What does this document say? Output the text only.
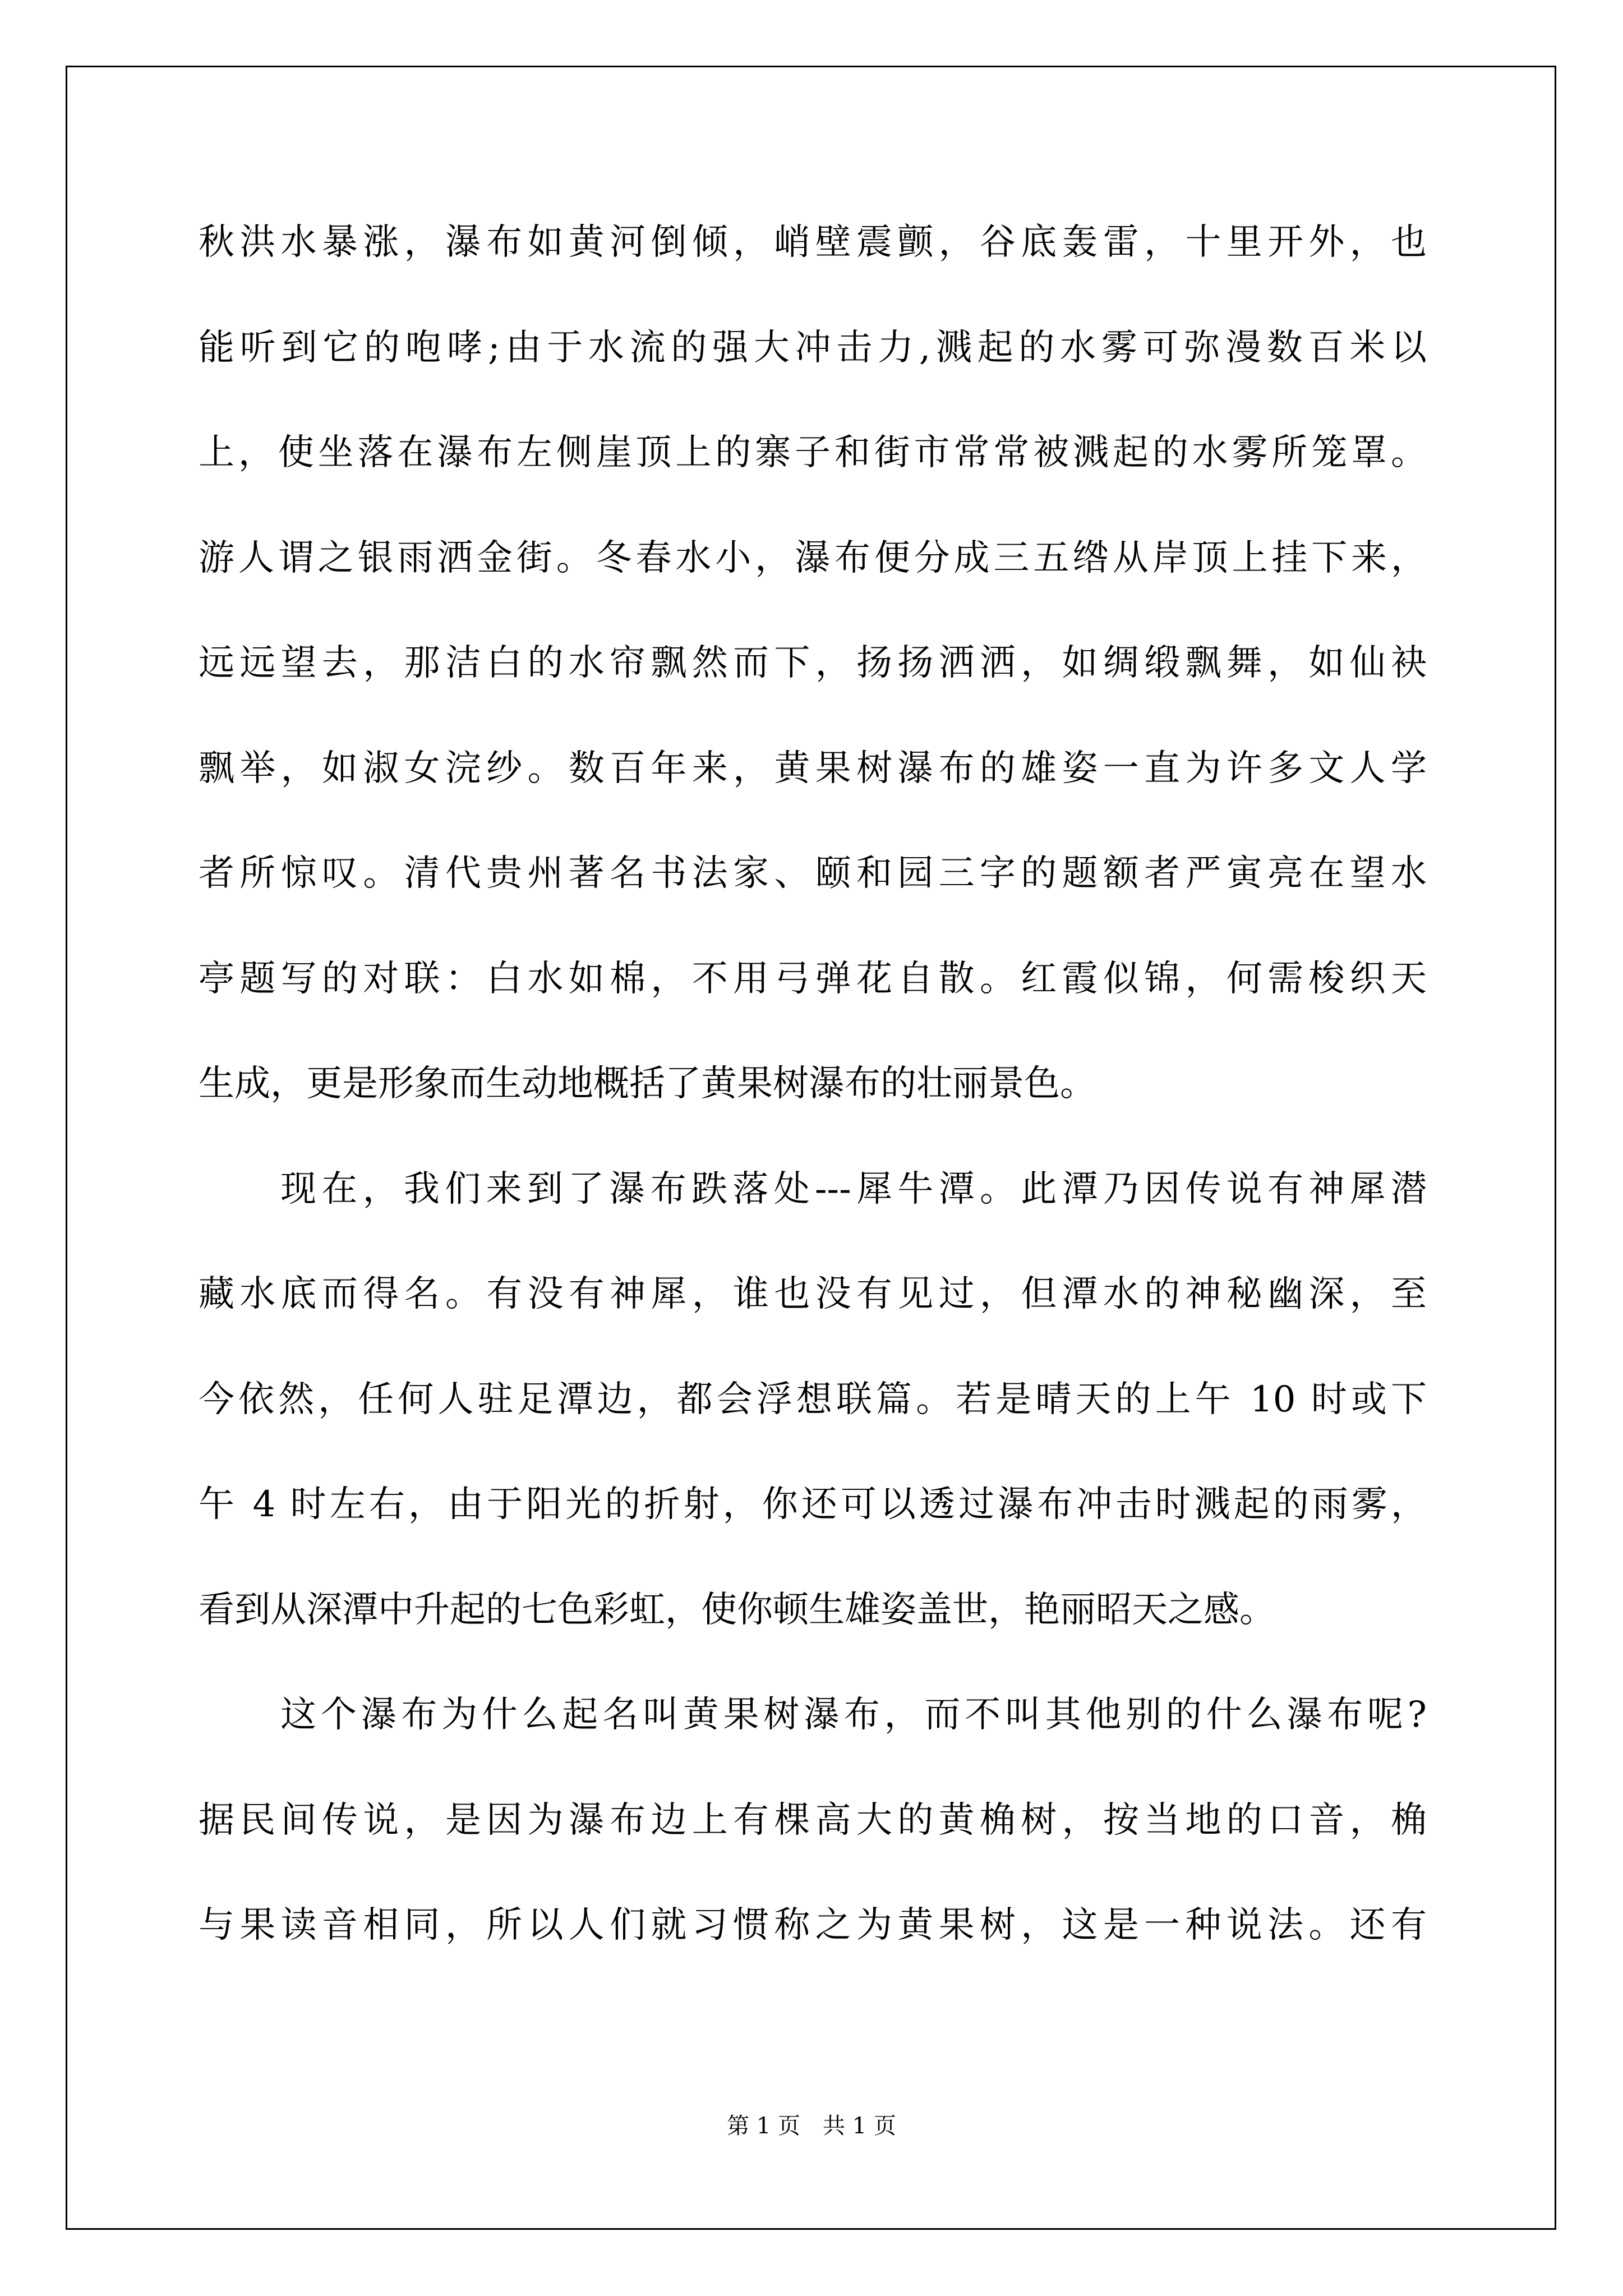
秋洪水暴涨，瀑布如黄河倒倾，峭壁震颤，谷底轰雷，十里开外，也
能听到它的咆哮;由于水流的强大冲击力,溅起的水雾可弥漫数百米以
上，使坐落在瀑布左侧崖顶上的寨子和街市常常被溅起的水雾所笼罩。
游人谓之银雨洒金街。冬春水小，瀑布便分成三五绺从岸顶上挂下来，
远远望去，那洁白的水帘飘然而下，扬扬洒洒，如绸缎飘舞，如仙袂
飘举，如淑女浣纱。数百年来，黄果树瀑布的雄姿一直为许多文人学
者所惊叹。清代贵州著名书法家、颐和园三字的题额者严寅亮在望水
亭题写的对联：白水如棉，不用弓弹花自散。红霞似锦，何需梭织天
生成，更是形象而生动地概括了黄果树瀑布的壮丽景色。
现在，我们来到了瀑布跌落处---犀牛潭。此潭乃因传说有神犀潜
藏水底而得名。有没有神犀，谁也没有见过，但潭水的神秘幽深，至
今依然，任何人驻足潭边，都会浮想联篇。若是晴天的上午 10 时或下
午 4 时左右，由于阳光的折射，你还可以透过瀑布冲击时溅起的雨雾，
看到从深潭中升起的七色彩虹，使你顿生雄姿盖世，艳丽昭天之感。
这个瀑布为什么起名叫黄果树瀑布，而不叫其他别的什么瀑布呢?
据民间传说，是因为瀑布边上有棵高大的黄桷树，按当地的口音，桷
与果读音相同，所以人们就习惯称之为黄果树，这是一种说法。还有
第 1 页　共 1 页
